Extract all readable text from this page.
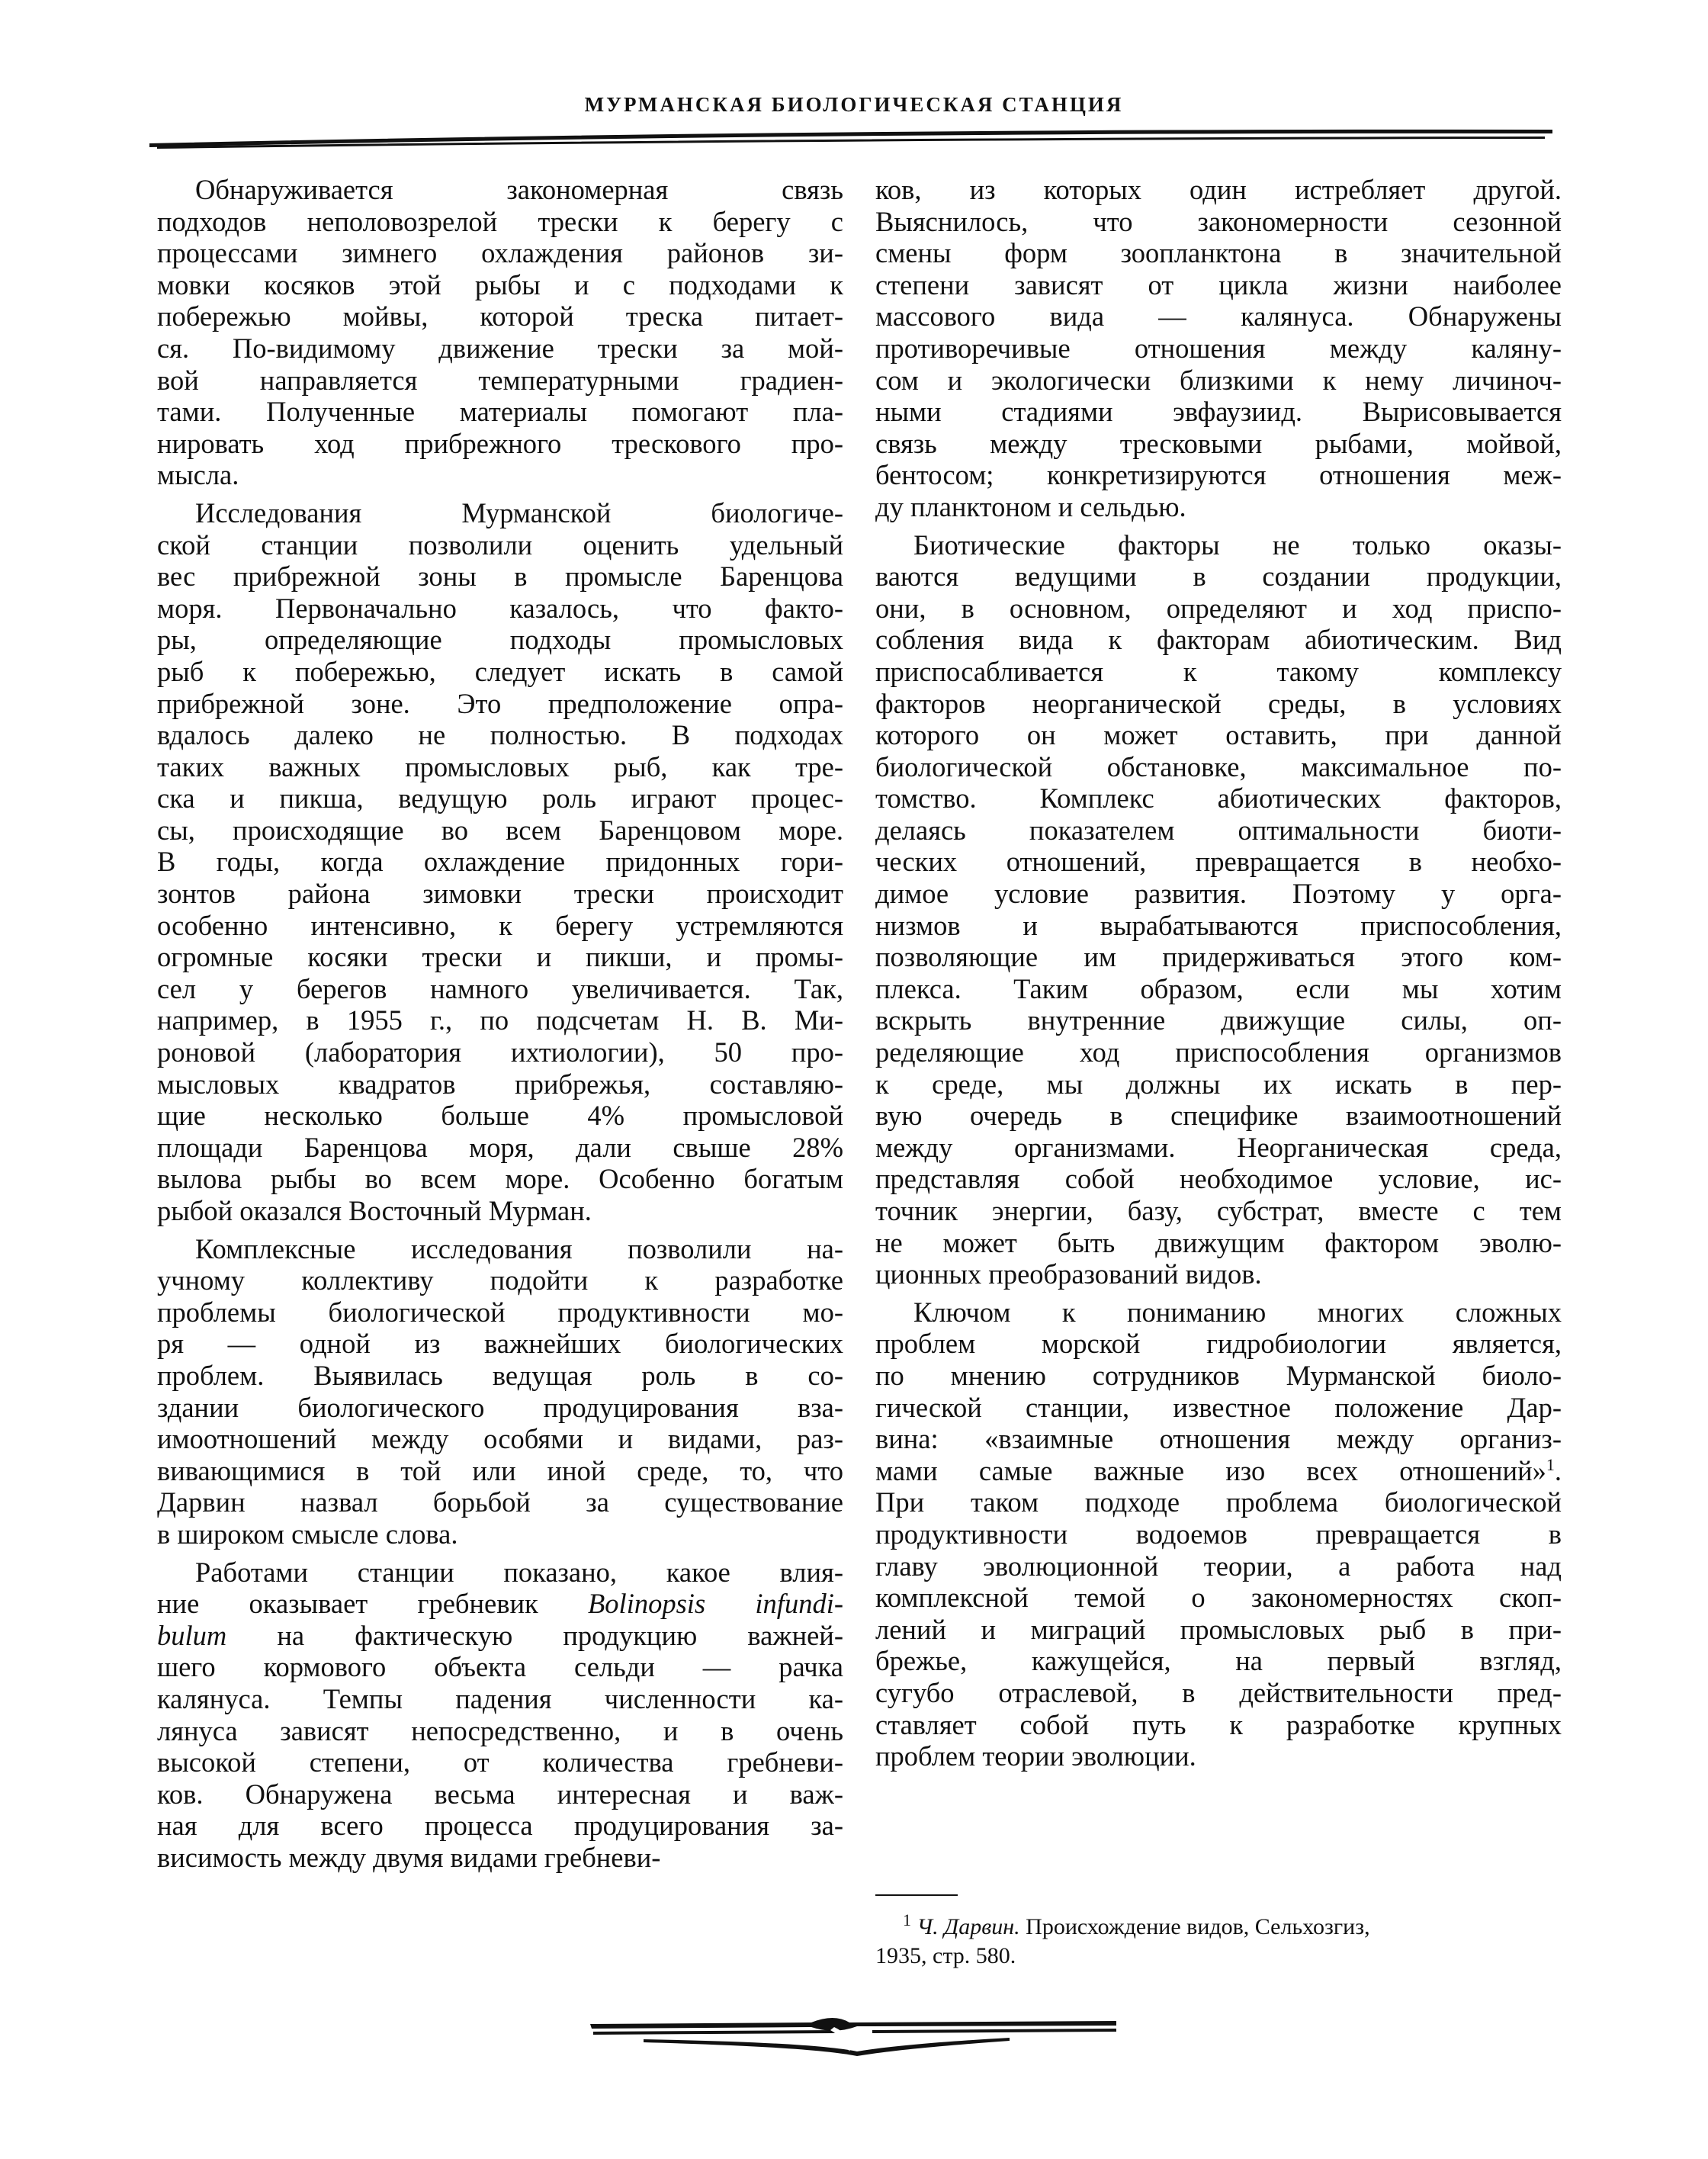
МУРМАНСКАЯ БИОЛОГИЧЕСКАЯ СТАНЦИЯ
Обнаруживается закономерная связь
подходов неполовозрелой трески к берегу с
процессами зимнего охлаждения районов зи-
мовки косяков этой рыбы и с подходами к
побережью мойвы, которой треска питает-
ся. По-видимому движение трески за мой-
вой направляется температурными градиен-
тами. Полученные материалы помогают пла-
нировать ход прибрежного трескового про-
мысла.
Исследования Мурманской биологиче-
ской станции позволили оценить удельный
вес прибрежной зоны в промысле Баренцова
моря. Первоначально казалось, что факто-
ры, определяющие подходы промысловых
рыб к побережью, следует искать в самой
прибрежной зоне. Это предположение опра-
вдалось далеко не полностью. В подходах
таких важных промысловых рыб, как тре-
ска и пикша, ведущую роль играют процес-
сы, происходящие во всем Баренцовом море.
В годы, когда охлаждение придонных гори-
зонтов района зимовки трески происходит
особенно интенсивно, к берегу устремляются
огромные косяки трески и пикши, и промы-
сел у берегов намного увеличивается. Так,
например, в 1955 г., по подсчетам Н. В. Ми-
роновой (лаборатория ихтиологии), 50 про-
мысловых квадратов прибрежья, составляю-
щие несколько больше 4% промысловой
площади Баренцова моря, дали свыше 28%
вылова рыбы во всем море. Особенно богатым
рыбой оказался Восточный Мурман.
Комплексные исследования позволили на-
учному коллективу подойти к разработке
проблемы биологической продуктивности мо-
ря — одной из важнейших биологических
проблем. Выявилась ведущая роль в со-
здании биологического продуцирования вза-
имоотношений между особями и видами, раз-
вивающимися в той или иной среде, то, что
Дарвин назвал борьбой за существование
в широком смысле слова.
Работами станции показано, какое влия-
ние оказывает гребневик Bolinopsis infundi-
bulum на фактическую продукцию важней-
шего кормового объекта сельди — рачка
калянуса. Темпы падения численности ка-
лянуса зависят непосредственно, и в очень
высокой степени, от количества гребневи-
ков. Обнаружена весьма интересная и важ-
ная для всего процесса продуцирования за-
висимость между двумя видами гребневи-
ков, из которых один истребляет другой.
Выяснилось, что закономерности сезонной
смены форм зоопланктона в значительной
степени зависят от цикла жизни наиболее
массового вида — калянуса. Обнаружены
противоречивые отношения между каляну-
сом и экологически близкими к нему личиноч-
ными стадиями эвфаузиид. Вырисовывается
связь между тресковыми рыбами, мойвой,
бентосом; конкретизируются отношения меж-
ду планктоном и сельдью.
Биотические факторы не только оказы-
ваются ведущими в создании продукции,
они, в основном, определяют и ход приспо-
собления вида к факторам абиотическим. Вид
приспосабливается к такому комплексу
факторов неорганической среды, в условиях
которого он может оставить, при данной
биологической обстановке, максимальное по-
томство. Комплекс абиотических факторов,
делаясь показателем оптимальности биоти-
ческих отношений, превращается в необхо-
димое условие развития. Поэтому у орга-
низмов и вырабатываются приспособления,
позволяющие им придерживаться этого ком-
плекса. Таким образом, если мы хотим
вскрыть внутренние движущие силы, оп-
ределяющие ход приспособления организмов
к среде, мы должны их искать в пер-
вую очередь в специфике взаимоотношений
между организмами. Неорганическая среда,
представляя собой необходимое условие, ис-
точник энергии, базу, субстрат, вместе с тем
не может быть движущим фактором эволю-
ционных преобразований видов.
Ключом к пониманию многих сложных
проблем морской гидробиологии является,
по мнению сотрудников Мурманской биоло-
гической станции, известное положение Дар-
вина: «взаимные отношения между организ-
мами самые важные изо всех отношений»$^1$.
При таком подходе проблема биологической
продуктивности водоемов превращается в
главу эволюционной теории, а работа над
комплексной темой о закономерностях скоп-
лений и миграций промысловых рыб в при-
брежье, кажущейся, на первый взгляд,
сугубо отраслевой, в действительности пред-
ставляет собой путь к разработке крупных
проблем теории эволюции.
$^1$ Ч. Дарвин. Происхождение видов, Сельхозгиз,
1935, стр. 580.
